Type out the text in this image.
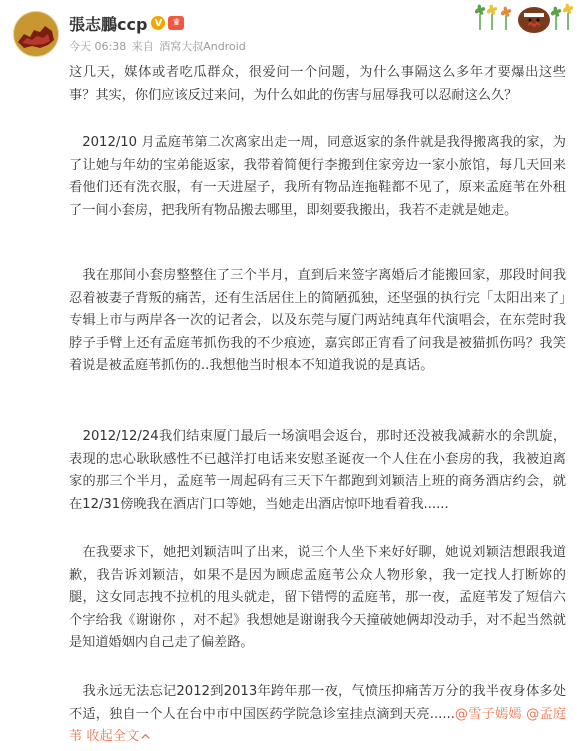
張志鵬ccp V	♛
今天 06:38 来自 酒窝大叔Android

这几天，媒体或者吃瓜群众，很爱问一个问题，为什么事隔这么多年才要爆出这些事？其实，你们应该反过来问，为什么如此的伤害与屈辱我可以忍耐这么久？

　2012/10 月孟庭苇第二次离家出走一周，同意返家的条件就是我得搬离我的家，为了让她与年幼的宝弟能返家，我带着简便行李搬到住家旁边一家小旅馆，每几天回来看他们还有洗衣服，有一天进屋子，我所有物品连拖鞋都不见了，原来孟庭苇在外租了一间小套房，把我所有物品搬去哪里，即刻要我搬出，我若不走就是她走。

　我在那间小套房整整住了三个半月，直到后来签字离婚后才能搬回家，那段时间我忍着被妻子背叛的痛苦，还有生活居住上的简陋孤独，还坚强的执行完「太阳出来了」专辑上市与两岸各一次的记者会，以及东莞与厦门两站纯真年代演唱会，在东莞时我脖子手臂上还有孟庭苇抓伤我的不少痕迹，嘉宾郎正宵看了问我是被猫抓伤吗？我笑着说是被孟庭苇抓伤的..我想他当时根本不知道我说的是真话。

　2012/12/24我们结束厦门最后一场演唱会返台，那时还没被我减薪水的余凯旋，表现的忠心耿耿感性不已越洋打电话来安慰圣诞夜一个人住在小套房的我，我被迫离家的那三个半月，孟庭苇一周起码有三天下午都跑到刘颖洁上班的商务酒店约会，就在12/31傍晚我在酒店门口等她，当她走出酒店惊吓地看着我......

　在我要求下，她把刘颖洁叫了出来，说三个人坐下来好好聊，她说刘颖洁想跟我道歉，我告诉刘颖洁，如果不是因为顾虑孟庭苇公众人物形象，我一定找人打断妳的腿，这女同志拽不拉机的甩头就走，留下错愕的孟庭苇，那一夜，孟庭苇发了短信六个字给我《谢谢你 ，对不起》我想她是谢谢我今天撞破她俩却没动手，对不起当然就是知道婚姻内自己走了偏差路。

　我永远无法忘记2012到2013年跨年那一夜，气愤压抑痛苦万分的我半夜身体多处不适，独自一个人在台中市中国医药学院急诊室挂点滴到天亮......@雪子嫣嫣 @孟庭苇 收起全文
